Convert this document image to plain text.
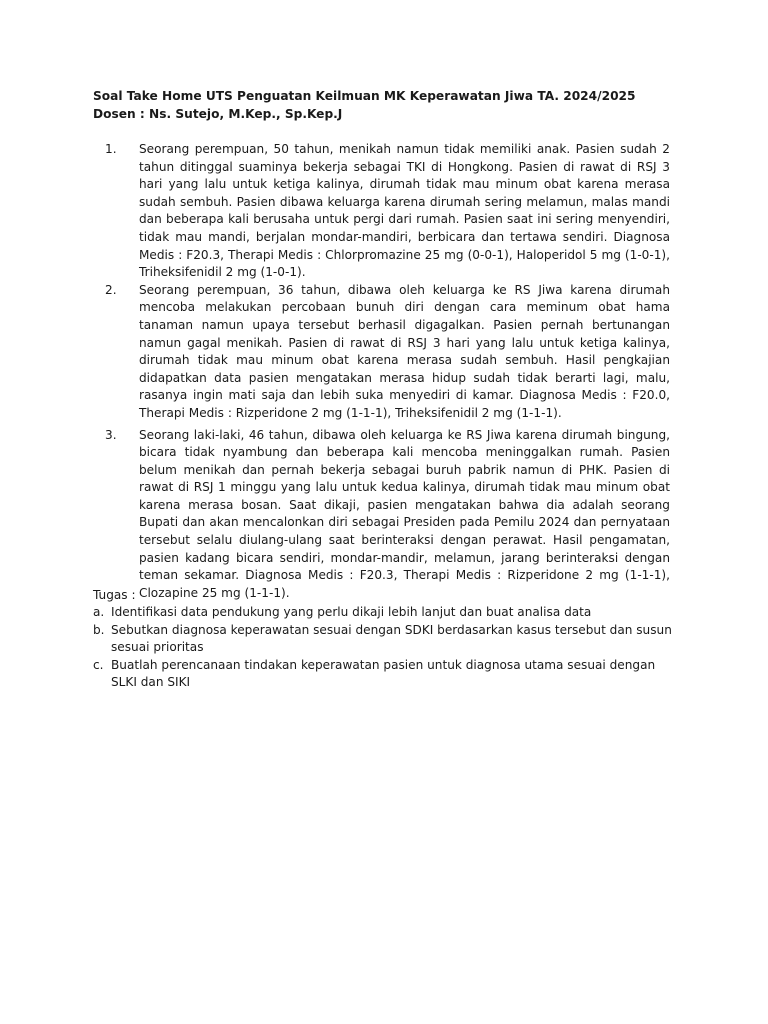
Soal Take Home UTS Penguatan Keilmuan MK Keperawatan Jiwa TA. 2024/2025
Dosen : Ns. Sutejo, M.Kep., Sp.Kep.J
1. Seorang perempuan, 50 tahun, menikah namun tidak memiliki anak. Pasien sudah 2 tahun ditinggal suaminya bekerja sebagai TKI di Hongkong. Pasien di rawat di RSJ 3 hari yang lalu untuk ketiga kalinya, dirumah tidak mau minum obat karena merasa sudah sembuh. Pasien dibawa keluarga karena dirumah sering melamun, malas mandi dan beberapa kali berusaha untuk pergi dari rumah. Pasien saat ini sering menyendiri, tidak mau mandi, berjalan mondar-mandiri, berbicara dan tertawa sendiri. Diagnosa Medis : F20.3, Therapi Medis : Chlorpromazine 25 mg (0-0-1), Haloperidol 5 mg (1-0-1), Triheksifenidil 2 mg (1-0-1).
2. Seorang perempuan, 36 tahun, dibawa oleh keluarga ke RS Jiwa karena dirumah mencoba melakukan percobaan bunuh diri dengan cara meminum obat hama tanaman namun upaya tersebut berhasil digagalkan. Pasien pernah bertunangan namun gagal menikah. Pasien di rawat di RSJ 3 hari yang lalu untuk ketiga kalinya, dirumah tidak mau minum obat karena merasa sudah sembuh. Hasil pengkajian didapatkan data pasien mengatakan merasa hidup sudah tidak berarti lagi, malu, rasanya ingin mati saja dan lebih suka menyediri di kamar. Diagnosa Medis : F20.0, Therapi Medis : Rizperidone 2 mg (1-1-1), Triheksifenidil 2 mg (1-1-1).
3. Seorang laki-laki, 46 tahun, dibawa oleh keluarga ke RS Jiwa karena dirumah bingung, bicara tidak nyambung dan beberapa kali mencoba meninggalkan rumah. Pasien belum menikah dan pernah bekerja sebagai buruh pabrik namun di PHK. Pasien di rawat di RSJ 1 minggu yang lalu untuk kedua kalinya, dirumah tidak mau minum obat karena merasa bosan. Saat dikaji, pasien mengatakan bahwa dia adalah seorang Bupati dan akan mencalonkan diri sebagai Presiden pada Pemilu 2024 dan pernyataan tersebut selalu diulang-ulang saat berinteraksi dengan perawat. Hasil pengamatan, pasien kadang bicara sendiri, mondar-mandir, melamun, jarang berinteraksi dengan teman sekamar. Diagnosa Medis : F20.3, Therapi Medis : Rizperidone 2 mg (1-1-1), Clozapine 25 mg (1-1-1).
Tugas :
a. Identifikasi data pendukung yang perlu dikaji lebih lanjut dan buat analisa data
b. Sebutkan diagnosa keperawatan sesuai dengan SDKI berdasarkan kasus tersebut dan susun sesuai prioritas
c. Buatlah perencanaan tindakan keperawatan pasien untuk diagnosa utama sesuai dengan SLKI dan SIKI
